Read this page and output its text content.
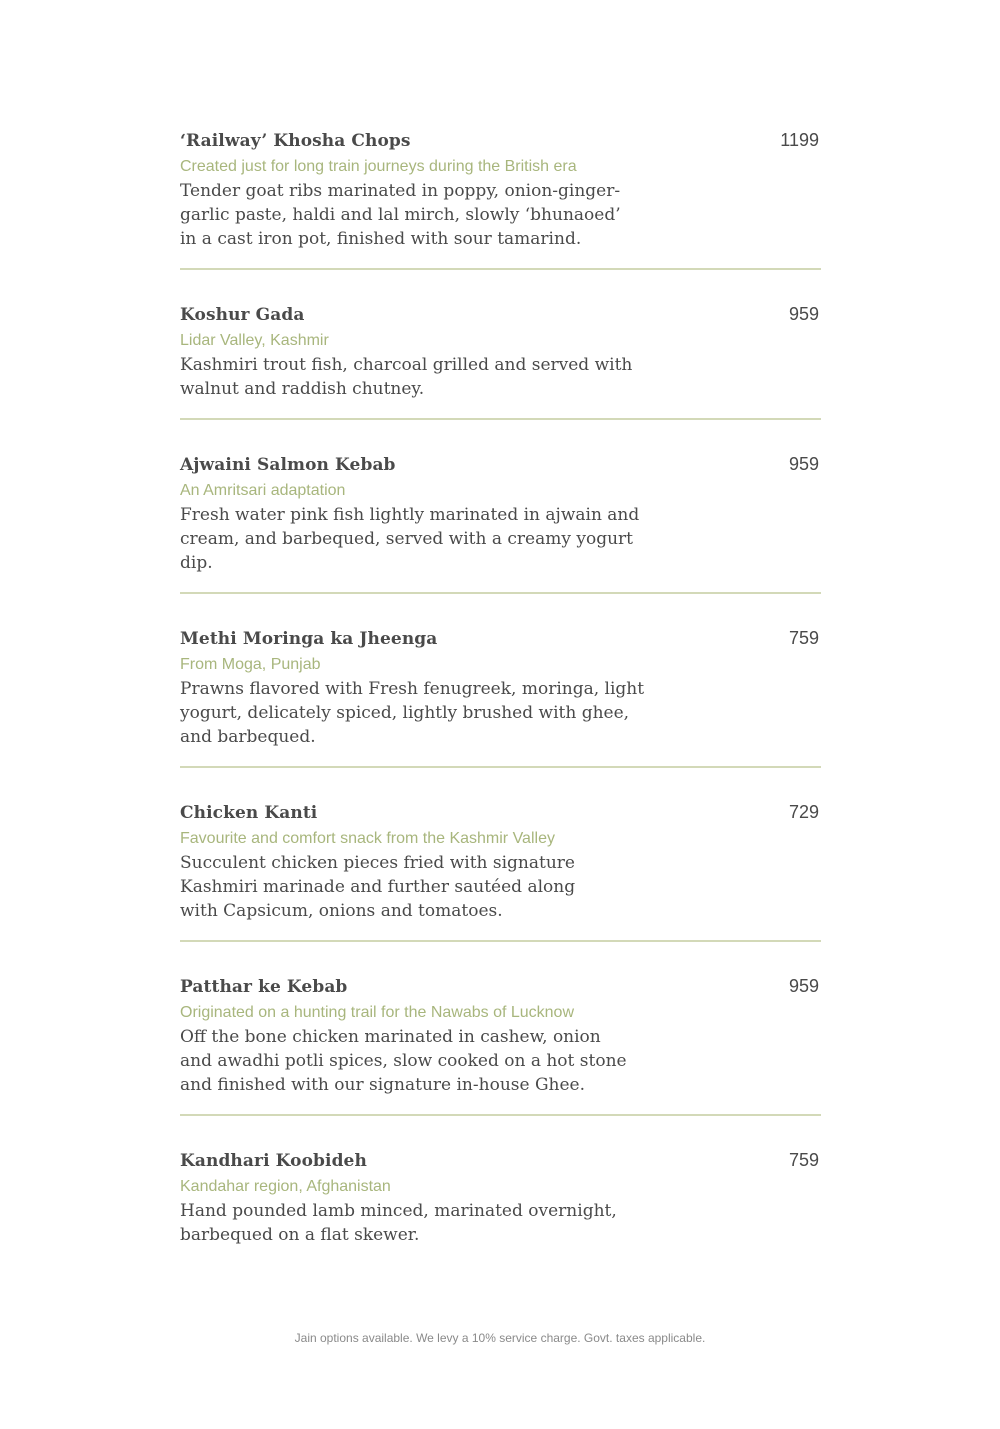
‘Railway’ Khosha Chops	1199
Created just for long train journeys during the British era
Tender goat ribs marinated in poppy, onion-ginger-
garlic paste, haldi and lal mirch, slowly ‘bhunaoed’
in a cast iron pot, finished with sour tamarind.
Koshur Gada	959
Lidar Valley, Kashmir
Kashmiri trout fish, charcoal grilled and served with
walnut and raddish chutney.
Ajwaini Salmon Kebab	959
An Amritsari adaptation
Fresh water pink fish lightly marinated in ajwain and
cream, and barbequed, served with a creamy yogurt dip.
Methi Moringa ka Jheenga	759
From Moga, Punjab
Prawns flavored with Fresh fenugreek, moringa, light
yogurt, delicately spiced, lightly brushed with ghee,
and barbequed.
Chicken Kanti	729
Favourite and comfort snack from the Kashmir Valley
Succulent chicken pieces fried with signature
Kashmiri marinade and further sautéed along
with Capsicum, onions and tomatoes.
Patthar ke Kebab	959
Originated on a hunting trail for the Nawabs of Lucknow
Off the bone chicken marinated in cashew, onion
and awadhi potli spices, slow cooked on a hot stone
and finished with our signature in-house Ghee.
Kandhari Koobideh	759
Kandahar region, Afghanistan
Hand pounded lamb minced, marinated overnight,
barbequed on a flat skewer.
Jain options available. We levy a 10% service charge. Govt. taxes applicable.
